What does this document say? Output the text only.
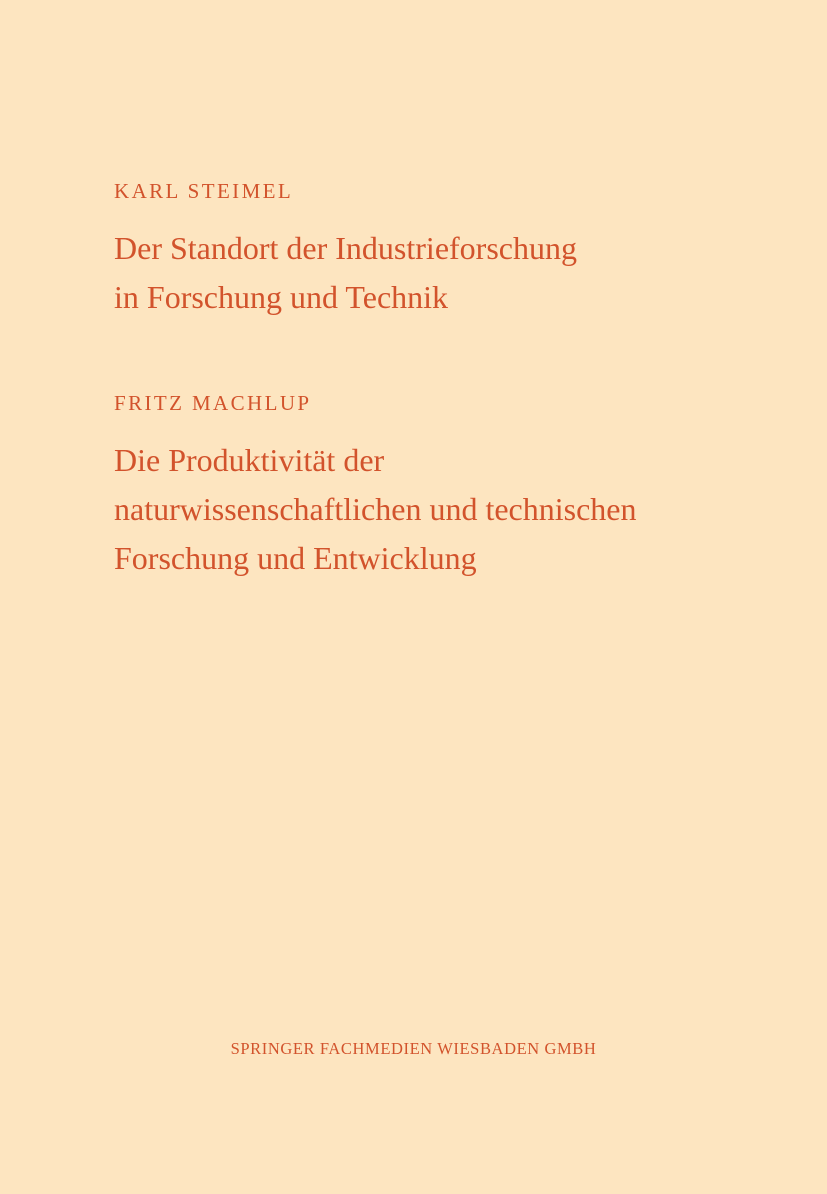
KARL STEIMEL

Der Standort der Industrieforschung
in Forschung und Technik

FRITZ MACHLUP

Die Produktivität der
naturwissenschaftlichen und technischen
Forschung und Entwicklung

SPRINGER FACHMEDIEN WIESBADEN GMBH
